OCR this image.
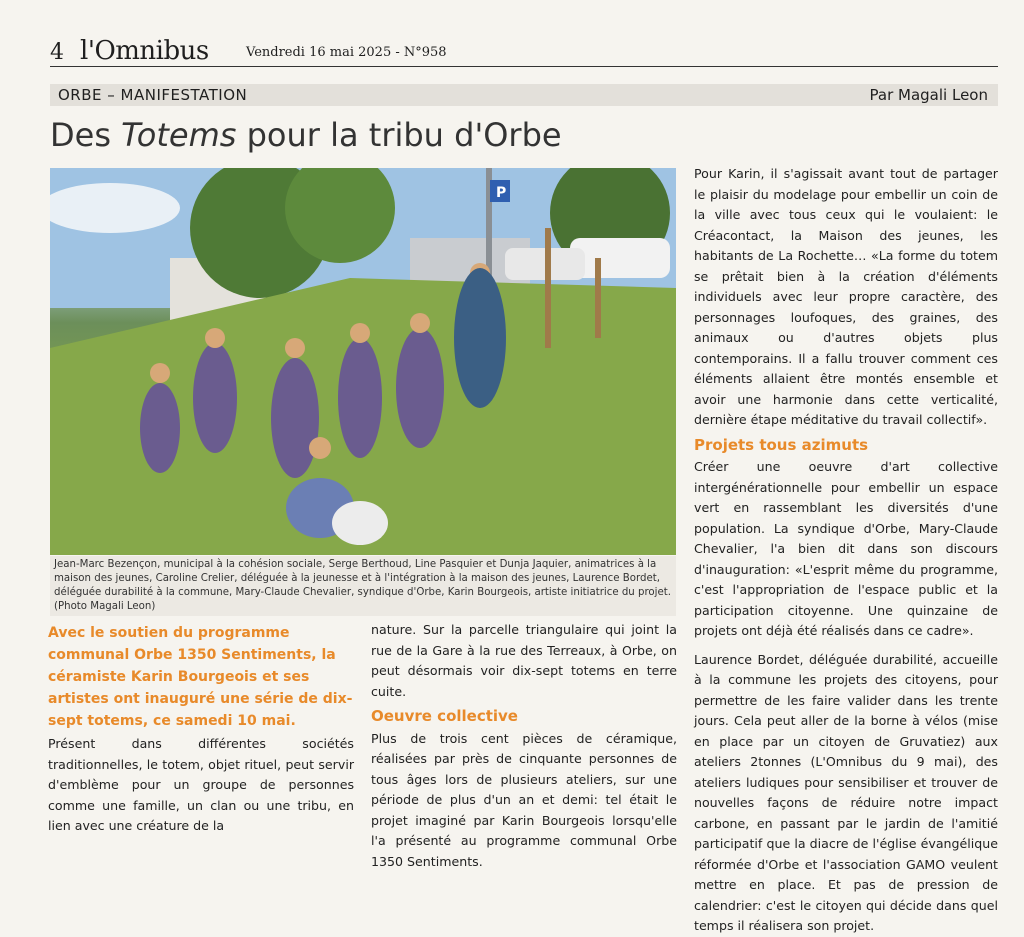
4 l'Omnibus	Vendredi 16 mai 2025 - N°958
ORBE – MANIFESTATION	Par Magali Leon
Des Totems pour la tribu d'Orbe
P
Jean-Marc Bezençon, municipal à la cohésion sociale, Serge Berthoud, Line Pasquier et Dunja Jaquier, animatrices à la maison des jeunes, Caroline Crelier, déléguée à la jeunesse et à l'intégration à la maison des jeunes, Laurence Bordet, déléguée durabilité à la commune, Mary-Claude Chevalier, syndique d'Orbe, Karin Bourgeois, artiste initiatrice du projet. (Photo Magali Leon)
Avec le soutien du programme communal Orbe 1350 Sentiments, la céramiste Karin Bourgeois et ses artistes ont inauguré une série de dix-sept totems, ce samedi 10 mai.

Présent dans différentes sociétés traditionnelles, le totem, objet rituel, peut servir d'emblème pour un groupe de personnes comme une famille, un clan ou une tribu, en lien avec une créature de la

nature. Sur la parcelle triangulaire qui joint la rue de la Gare à la rue des Terreaux, à Orbe, on peut désormais voir dix-sept totems en terre cuite.

Oeuvre collective

Plus de trois cent pièces de céramique, réalisées par près de cinquante personnes de tous âges lors de plusieurs ateliers, sur une période de plus d'un an et demi: tel était le projet imaginé par Karin Bourgeois lorsqu'elle l'a présenté au programme communal Orbe 1350 Sentiments.

Pour Karin, il s'agissait avant tout de partager le plaisir du modelage pour embellir un coin de la ville avec tous ceux qui le voulaient: le Créacontact, la Maison des jeunes, les habitants de La Rochette… «La forme du totem se prêtait bien à la création d'éléments individuels avec leur propre caractère, des personnages loufoques, des graines, des animaux ou d'autres objets plus contemporains. Il a fallu trouver comment ces éléments allaient être montés ensemble et avoir une harmonie dans cette verticalité, dernière étape méditative du travail collectif».

Projets tous azimuts

Créer une oeuvre d'art collective intergénérationnelle pour embellir un espace vert en rassemblant les diversités d'une population. La syndique d'Orbe, Mary-Claude Chevalier, l'a bien dit dans son discours d'inauguration: «L'esprit même du programme, c'est l'appropriation de l'espace public et la participation citoyenne. Une quinzaine de projets ont déjà été réalisés dans ce cadre».

Laurence Bordet, déléguée durabilité, accueille à la commune les projets des citoyens, pour permettre de les faire valider dans les trente jours. Cela peut aller de la borne à vélos (mise en place par un citoyen de Gruvatiez) aux ateliers 2tonnes (L'Omnibus du 9 mai), des ateliers ludiques pour sensibiliser et trouver de nouvelles façons de réduire notre impact carbone, en passant par le jardin de l'amitié participatif que la diacre de l'église évangélique réformée d'Orbe et l'association GAMO veulent mettre en place. Et pas de pression de calendrier: c'est le citoyen qui décide dans quel temps il réalisera son projet.
